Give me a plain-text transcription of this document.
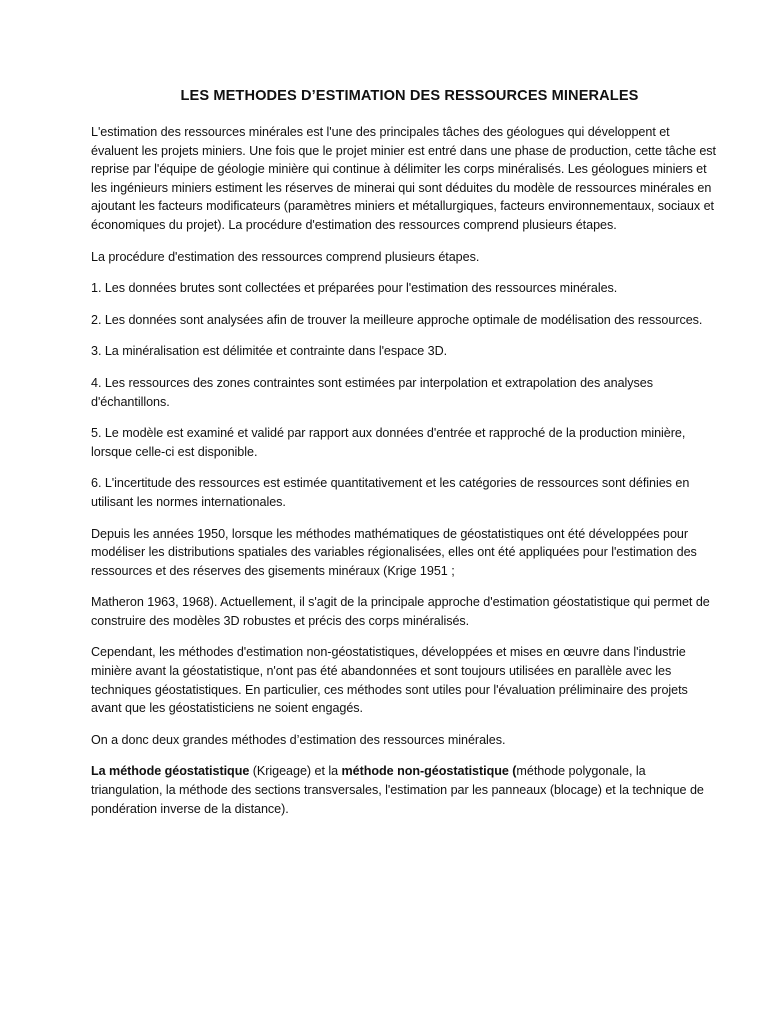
LES METHODES D’ESTIMATION DES RESSOURCES MINERALES

L'estimation des ressources minérales est l'une des principales tâches des géologues qui développent et évaluent les projets miniers. Une fois que le projet minier est entré dans une phase de production, cette tâche est reprise par l'équipe de géologie minière qui continue à délimiter les corps minéralisés. Les géologues miniers et les ingénieurs miniers estiment les réserves de minerai qui sont déduites du modèle de ressources minérales en ajoutant les facteurs modificateurs (paramètres miniers et métallurgiques, facteurs environnementaux, sociaux et économiques du projet). La procédure d'estimation des ressources comprend plusieurs étapes.

La procédure d'estimation des ressources comprend plusieurs étapes.

1. Les données brutes sont collectées et préparées pour l'estimation des ressources minérales.

2. Les données sont analysées afin de trouver la meilleure approche optimale de modélisation des ressources.

3. La minéralisation est délimitée et contrainte dans l'espace 3D.

4. Les ressources des zones contraintes sont estimées par interpolation et extrapolation des analyses d'échantillons.

5. Le modèle est examiné et validé par rapport aux données d'entrée et rapproché de la production minière, lorsque celle-ci est disponible.

6. L'incertitude des ressources est estimée quantitativement et les catégories de ressources sont définies en utilisant les normes internationales.

Depuis les années 1950, lorsque les méthodes mathématiques de géostatistiques ont été développées pour modéliser les distributions spatiales des variables régionalisées, elles ont été appliquées pour l'estimation des ressources et des réserves des gisements minéraux (Krige 1951 ;

Matheron 1963, 1968). Actuellement, il s'agit de la principale approche d'estimation géostatistique qui permet de construire des modèles 3D robustes et précis des corps minéralisés.

Cependant, les méthodes d'estimation non-géostatistiques, développées et mises en œuvre dans l'industrie minière avant la géostatistique, n'ont pas été abandonnées et sont toujours utilisées en parallèle avec les techniques géostatistiques. En particulier, ces méthodes sont utiles pour l'évaluation préliminaire des projets avant que les géostatisticiens ne soient engagés.

On a donc deux grandes méthodes d’estimation des ressources minérales.

La méthode géostatistique (Krigeage) et la méthode non-géostatistique (méthode polygonale, la triangulation, la méthode des sections transversales, l'estimation par les panneaux (blocage) et la technique de pondération inverse de la distance).
